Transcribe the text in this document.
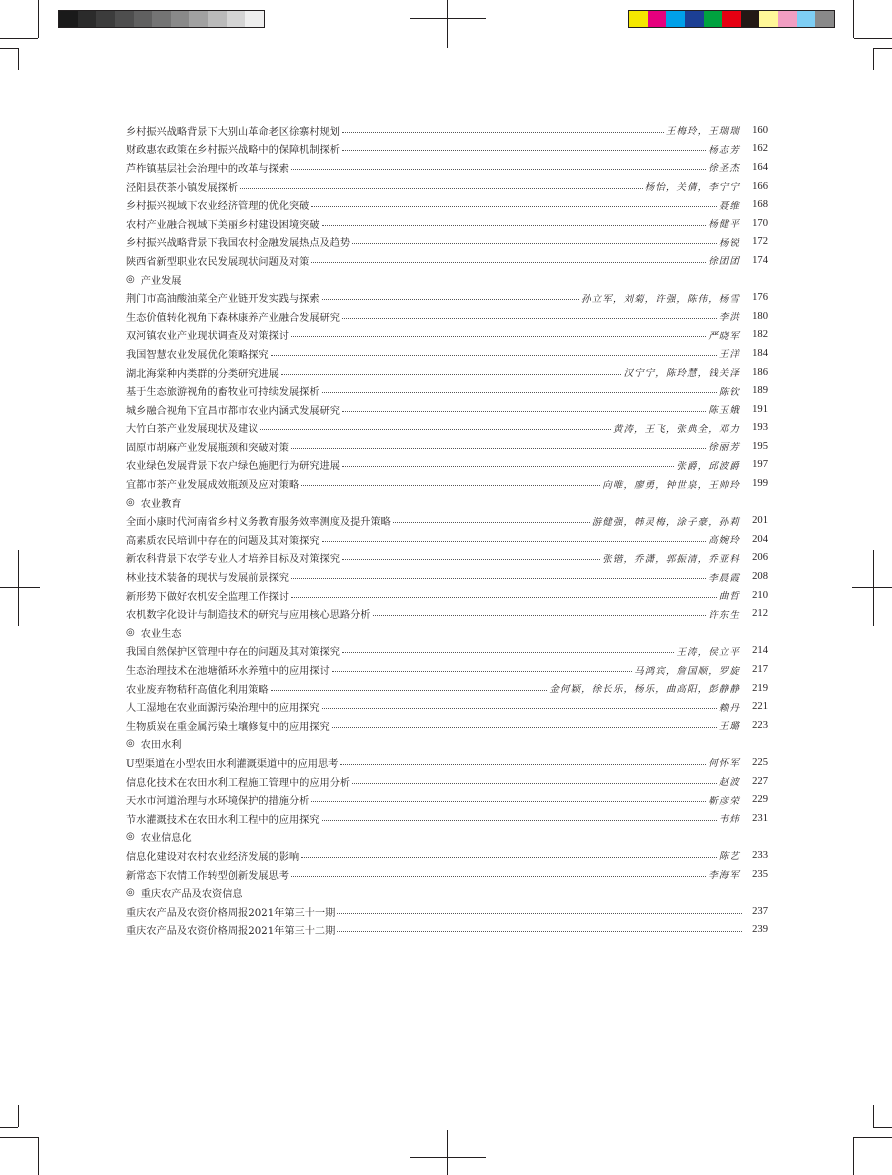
乡村振兴战略背景下大别山革命老区徐寨村规划	王梅玲，王瑞瑞	160
财政惠农政策在乡村振兴战略中的保障机制探析	杨志芳	162
芦柞镇基层社会治理中的改革与探索	徐圣杰	164
泾阳县茯茶小镇发展探析	杨怡，关倩，李宁宁	166
乡村振兴视域下农业经济管理的优化突破	聂维	168
农村产业融合视域下美丽乡村建设困境突破	杨健平	170
乡村振兴战略背景下我国农村金融发展热点及趋势	杨锐	172
陕西省新型职业农民发展现状问题及对策	徐团团	174
◎ 产业发展
荆门市高油酸油菜全产业链开发实践与探索	孙立军，刘菊，许强，陈伟，杨雪	176
生态价值转化视角下森林康养产业融合发展研究	李洪	180
双河镇农业产业现状调查及对策探讨	严晓军	182
我国智慧农业发展优化策略探究	王洋	184
湖北海棠种内类群的分类研究进展	汉宁宁，陈玲慧，钱关泽	186
基于生态旅游视角的畜牧业可持续发展探析	陈钦	189
城乡融合视角下宜昌市都市农业内涵式发展研究	陈玉娥	191
大竹白茶产业发展现状及建议	黄涛，王飞，张典全，邓力	193
固原市胡麻产业发展瓶颈和突破对策	徐丽芳	195
农业绿色发展背景下农户绿色施肥行为研究进展	张爵，邱波爵	197
宜都市茶产业发展成效瓶颈及应对策略	向唯，廖勇，钟世泉，王帅玲	199
◎ 农业教育
全面小康时代河南省乡村义务教育服务效率测度及提升策略	游健强，韩灵梅，涂子豪，孙莉	201
高素质农民培训中存在的问题及其对策探究	高婉玲	204
新农科背景下农学专业人才培养目标及对策探究	张锴，乔潇，郭振清，乔亚科	206
林业技术装备的现状与发展前景探究	李晨霞	208
新形势下做好农机安全监理工作探讨	曲哲	210
农机数字化设计与制造技术的研究与应用核心思路分析	许东生	212
◎ 农业生态
我国自然保护区管理中存在的问题及其对策探究	王涛，侯立平	214
生态治理技术在池塘循环水养殖中的应用探讨	马鸿宾，詹国顺，罗旋	217
农业废弃物秸秆高值化利用策略	金何颖，徐长乐，杨乐，曲高阳，彭静静	219
人工湿地在农业面源污染治理中的应用探究	赖丹	221
生物质炭在重金属污染土壤修复中的应用探究	王璐	223
◎ 农田水利
U型渠道在小型农田水利灌溉渠道中的应用思考	何怀军	225
信息化技术在农田水利工程施工管理中的应用分析	赵波	227
天水市河道治理与水环境保护的措施分析	靳彦荣	229
节水灌溉技术在农田水利工程中的应用探究	韦炜	231
◎ 农业信息化
信息化建设对农村农业经济发展的影响	陈艺	233
新常态下农情工作转型创新发展思考	李海军	235
◎ 重庆农产品及农资信息
重庆农产品及农资价格周报2021年第三十一期	237
重庆农产品及农资价格周报2021年第三十二期	239
